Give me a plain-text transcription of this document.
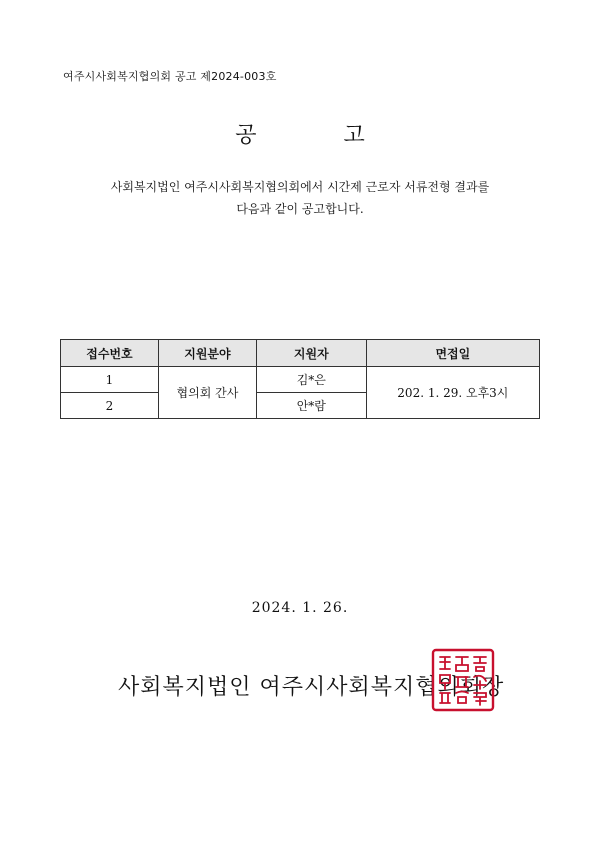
여주시사회복지협의회 공고 제2024-003호
공 고

사회복지법인 여주시사회복지협의회에서 시간제 근로자 서류전형 결과를

다음과 같이 공고합니다.

접수번호	지원분야	지원자	면접일
1	협의회 간사	김*은	202. 1. 29. 오후3시
2		안*람	
2024. 1. 26.
사회복지법인 여주시사회복지협의회장
